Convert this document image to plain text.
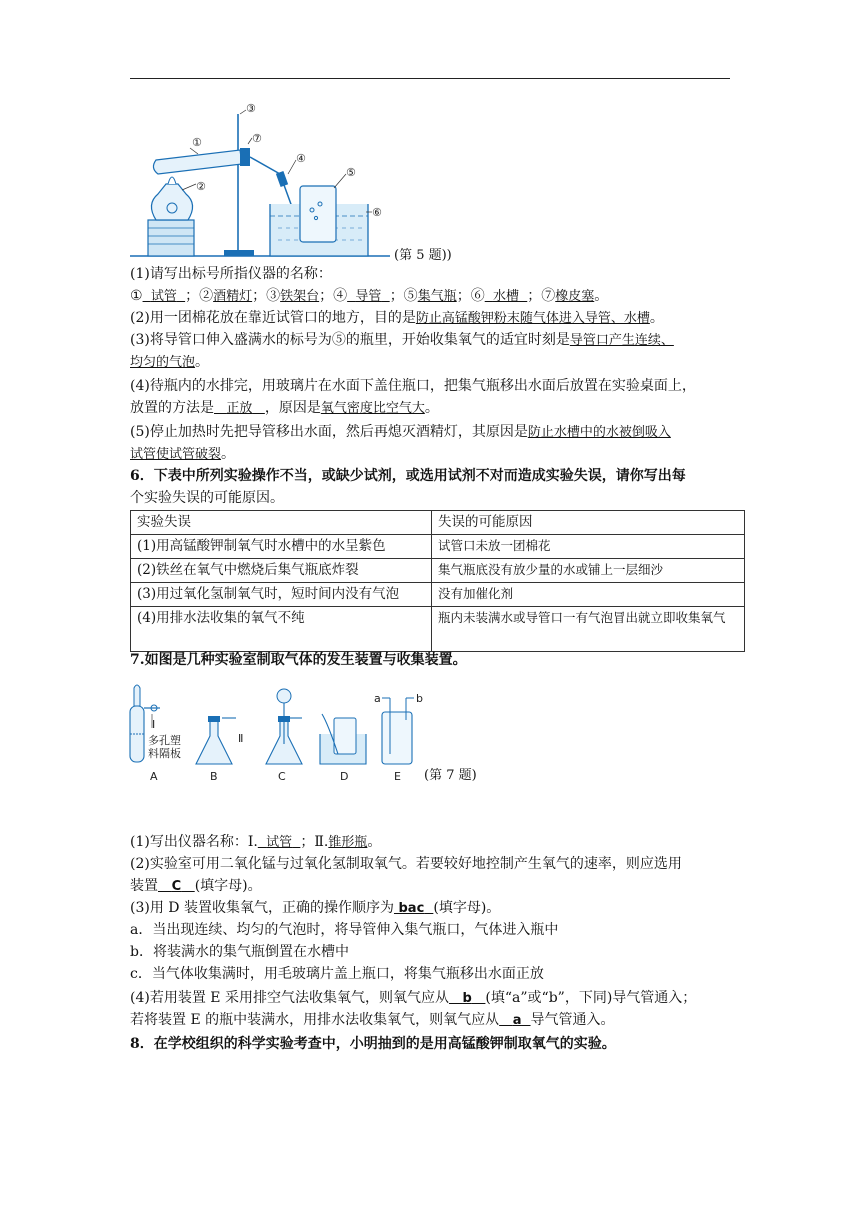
①
②
③
④
⑤
⑥
⑦
(第 5 题))
(1)请写出标号所指仪器的名称：
① 试管 ；②酒精灯；③铁架台；④ 导管 ；⑤集气瓶；⑥ 水槽 ；⑦橡皮塞。
(2)用一团棉花放在靠近试管口的地方，目的是防止高锰酸钾粉末随气体进入导管、水槽。
(3)将导管口伸入盛满水的标号为⑤的瓶里，开始收集氧气的适宜时刻是导管口产生连续、
均匀的气泡。
(4)待瓶内的水排完，用玻璃片在水面下盖住瓶口，把集气瓶移出水面后放置在实验桌面上，
放置的方法是 正放 ，原因是氧气密度比空气大。
(5)停止加热时先把导管移出水面，然后再熄灭酒精灯，其原因是防止水槽中的水被倒吸入
试管使试管破裂。
6．下表中所列实验操作不当，或缺少试剂，或选用试剂不对而造成实验失误，请你写出每
个实验失误的可能原因。
实验失误	失误的可能原因
(1)用高锰酸钾制氧气时水槽中的水呈紫色	试管口未放一团棉花
(2)铁丝在氧气中燃烧后集气瓶底炸裂	集气瓶底没有放少量的水或铺上一层细沙
(3)用过氧化氢制氧气时，短时间内没有气泡	没有加催化剂
(4)用排水法收集的氧气不纯	瓶内未装满水或导管口一有气泡冒出就立即收集氧气
7.如图是几种实验室制取气体的发生装置与收集装置。
Ⅰ
多孔塑
料隔板
A
Ⅱ
B	C	D
a	b
E (第 7 题)
(1)写出仪器名称：Ⅰ. 试管 ；Ⅱ.锥形瓶。
(2)实验室可用二氧化锰与过氧化氢制取氧气。若要较好地控制产生氧气的速率，则应选用
装置 C (填字母)。
(3)用 D 装置收集氧气，正确的操作顺序为 bac (填字母)。
a．当出现连续、均匀的气泡时，将导管伸入集气瓶口，气体进入瓶中
b．将装满水的集气瓶倒置在水槽中
c．当气体收集满时，用毛玻璃片盖上瓶口，将集气瓶移出水面正放
(4)若用装置 E 采用排空气法收集氧气，则氧气应从 b (填“a”或“b”，下同)导气管通入；
若将装置 E 的瓶中装满水，用排水法收集氧气，则氧气应从 a 导气管通入。
8．在学校组织的科学实验考查中，小明抽到的是用高锰酸钾制取氧气的实验。
